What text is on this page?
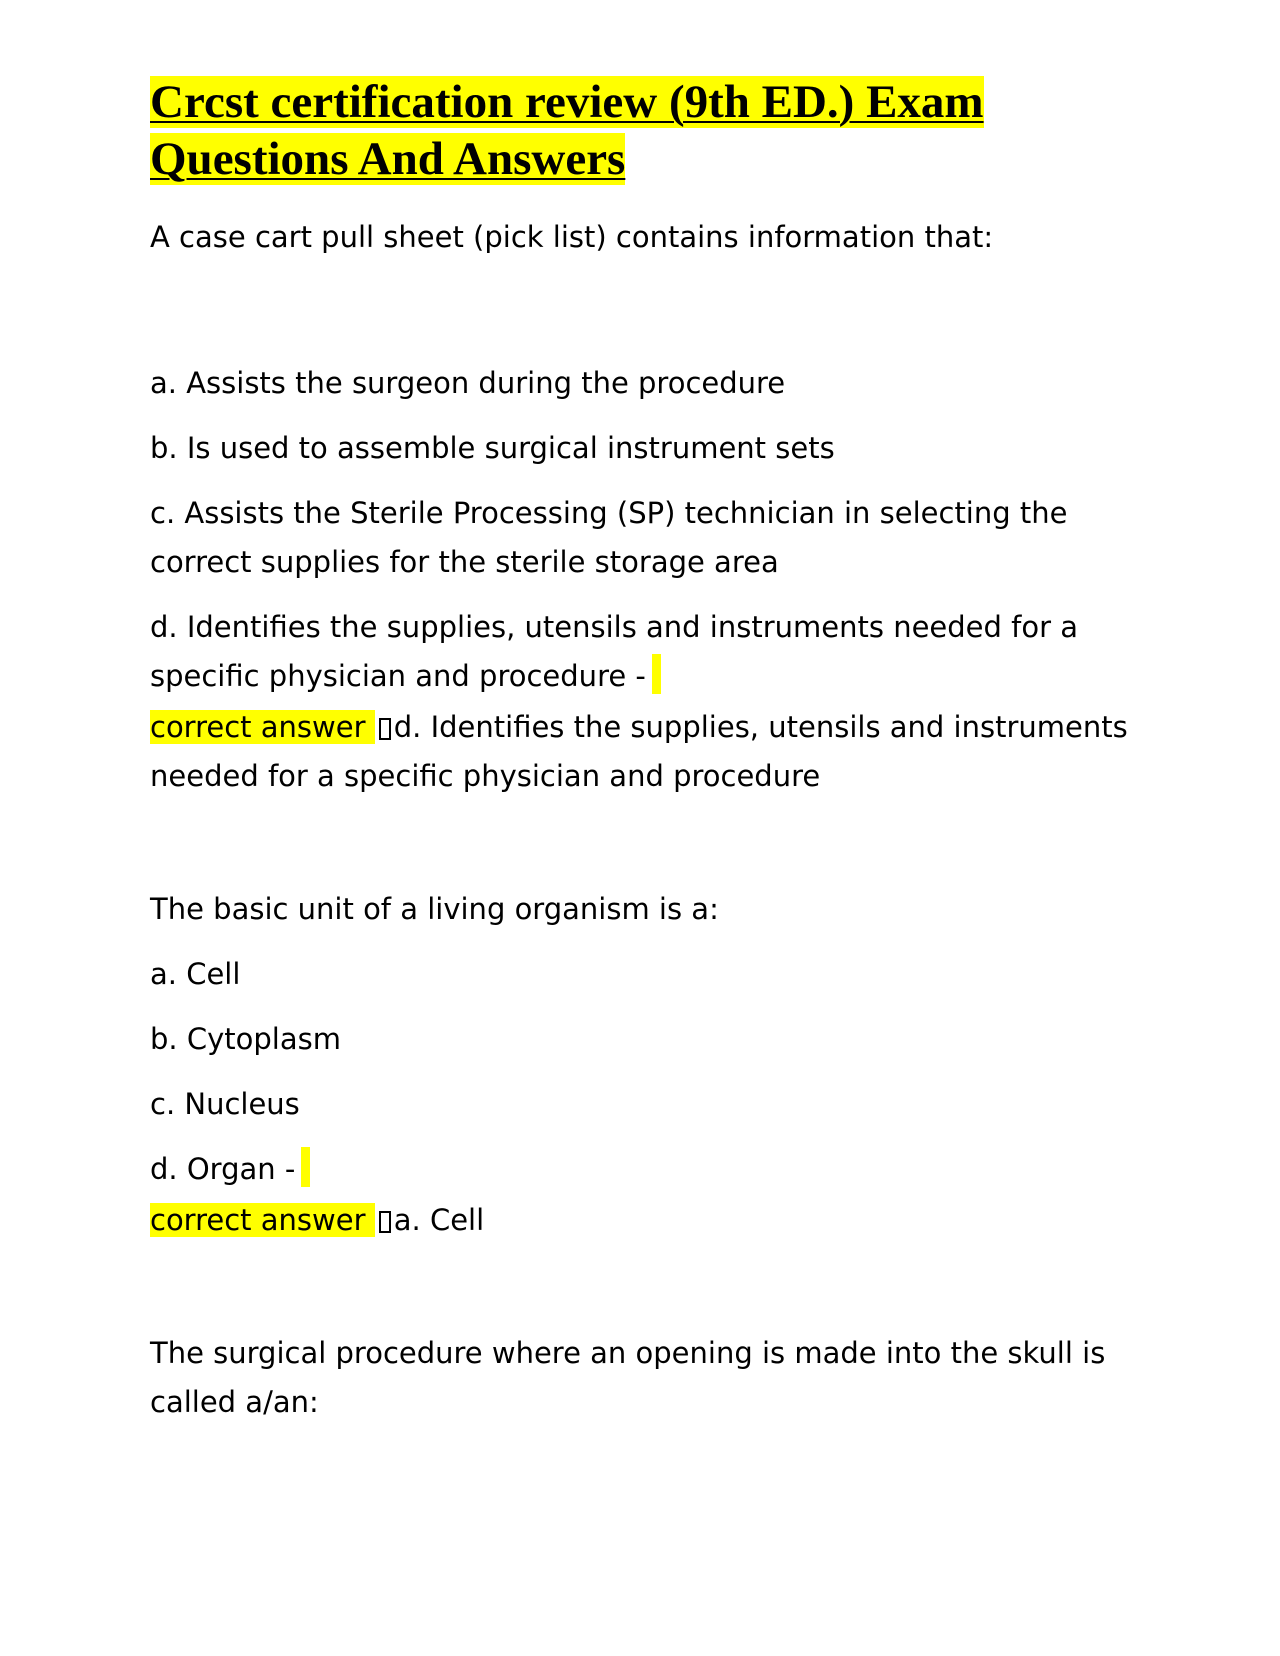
Crcst certification review (9th ED.) Exam Questions And Answers

A case cart pull sheet (pick list) contains information that:

a. Assists the surgeon during the procedure

b. Is used to assemble surgical instrument sets

c. Assists the Sterile Processing (SP) technician in selecting the correct supplies for the sterile storage area

d. Identifies the supplies, utensils and instruments needed for a specific physician and procedure -

correct answer d. Identifies the supplies, utensils and instruments needed for a specific physician and procedure

The basic unit of a living organism is a:

a. Cell

b. Cytoplasm

c. Nucleus

d. Organ -

correct answer a. Cell

The surgical procedure where an opening is made into the skull is called a/an:
